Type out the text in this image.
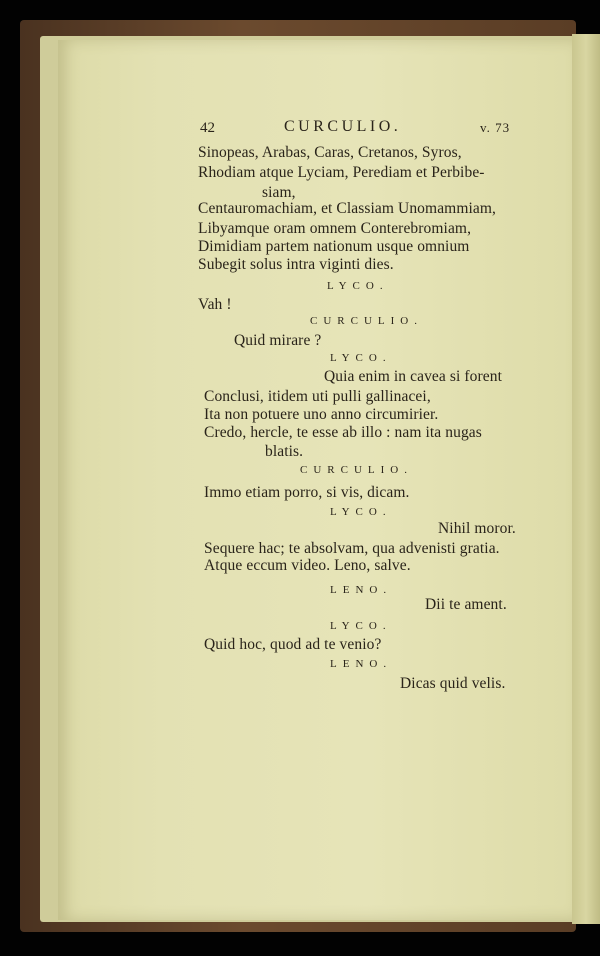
42	CURCULIO.	v. 73
Sinopeas, Arabas, Caras, Cretanos, Syros,
Rhodiam atque Lyciam, Perediam et Perbibe-
siam,
Centauromachiam, et Classiam Unomammiam,
Libyamque oram omnem Conterebromiam,
Dimidiam partem nationum usque omnium
Subegit solus intra viginti dies.
LYCO.
Vah !
CURCULIO.
Quid mirare ?
LYCO.
Quia enim in cavea si forent
Conclusi, itidem uti pulli gallinacei,
Ita non potuere uno anno circumirier.
Credo, hercle, te esse ab illo : nam ita nugas
blatis.
CURCULIO.
Immo etiam porro, si vis, dicam.
LYCO.
Nihil moror.
Sequere hac; te absolvam, qua advenisti gratia.
Atque eccum video. Leno, salve.
LENO.
Dii te ament.
LYCO.
Quid hoc, quod ad te venio?
LENO.
Dicas quid velis.
